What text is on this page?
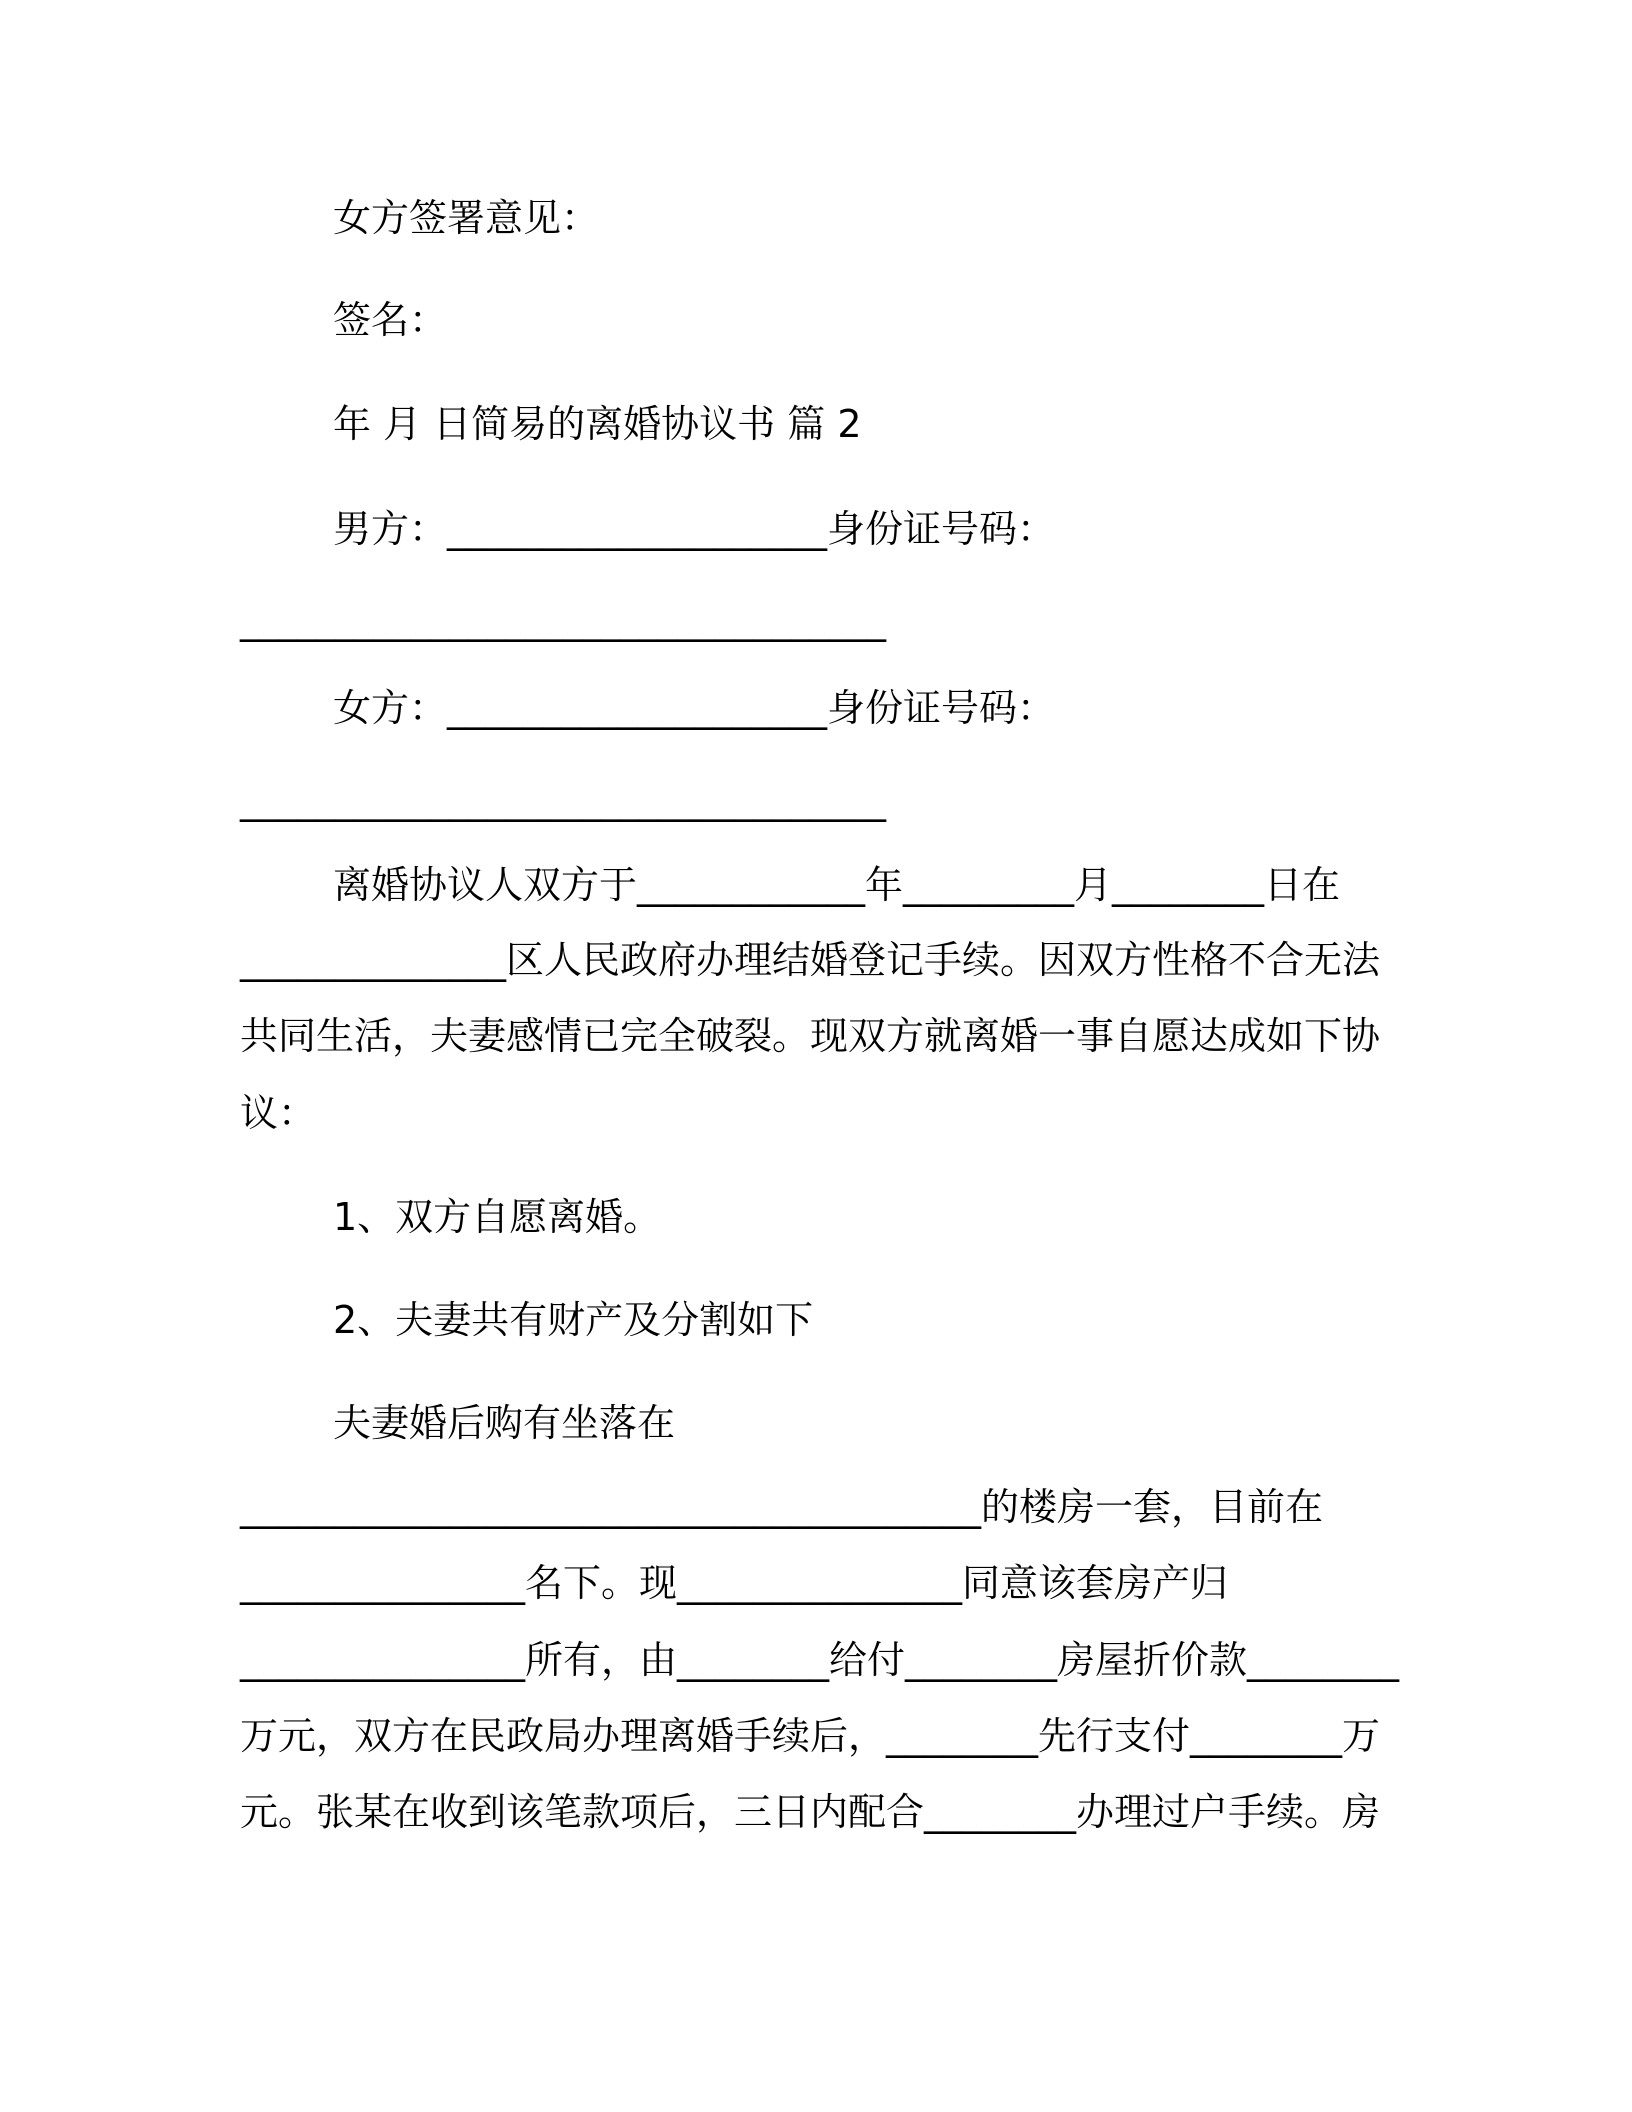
女方签署意见：
签名：
年 月 日简易的离婚协议书 篇 2
男方：____________________身份证号码：
__________________________________
女方：____________________身份证号码：
__________________________________
离婚协议人双方于____________年_________月________日在
______________区人民政府办理结婚登记手续。因双方性格不合无法
共同生活，夫妻感情已完全破裂。现双方就离婚一事自愿达成如下协
议：
1、双方自愿离婚。
2、夫妻共有财产及分割如下
夫妻婚后购有坐落在
_______________________________________的楼房一套，目前在
_______________名下。现_______________同意该套房产归
_______________所有，由________给付________房屋折价款________
万元，双方在民政局办理离婚手续后，________先行支付________万
元。张某在收到该笔款项后，三日内配合________办理过户手续。房
